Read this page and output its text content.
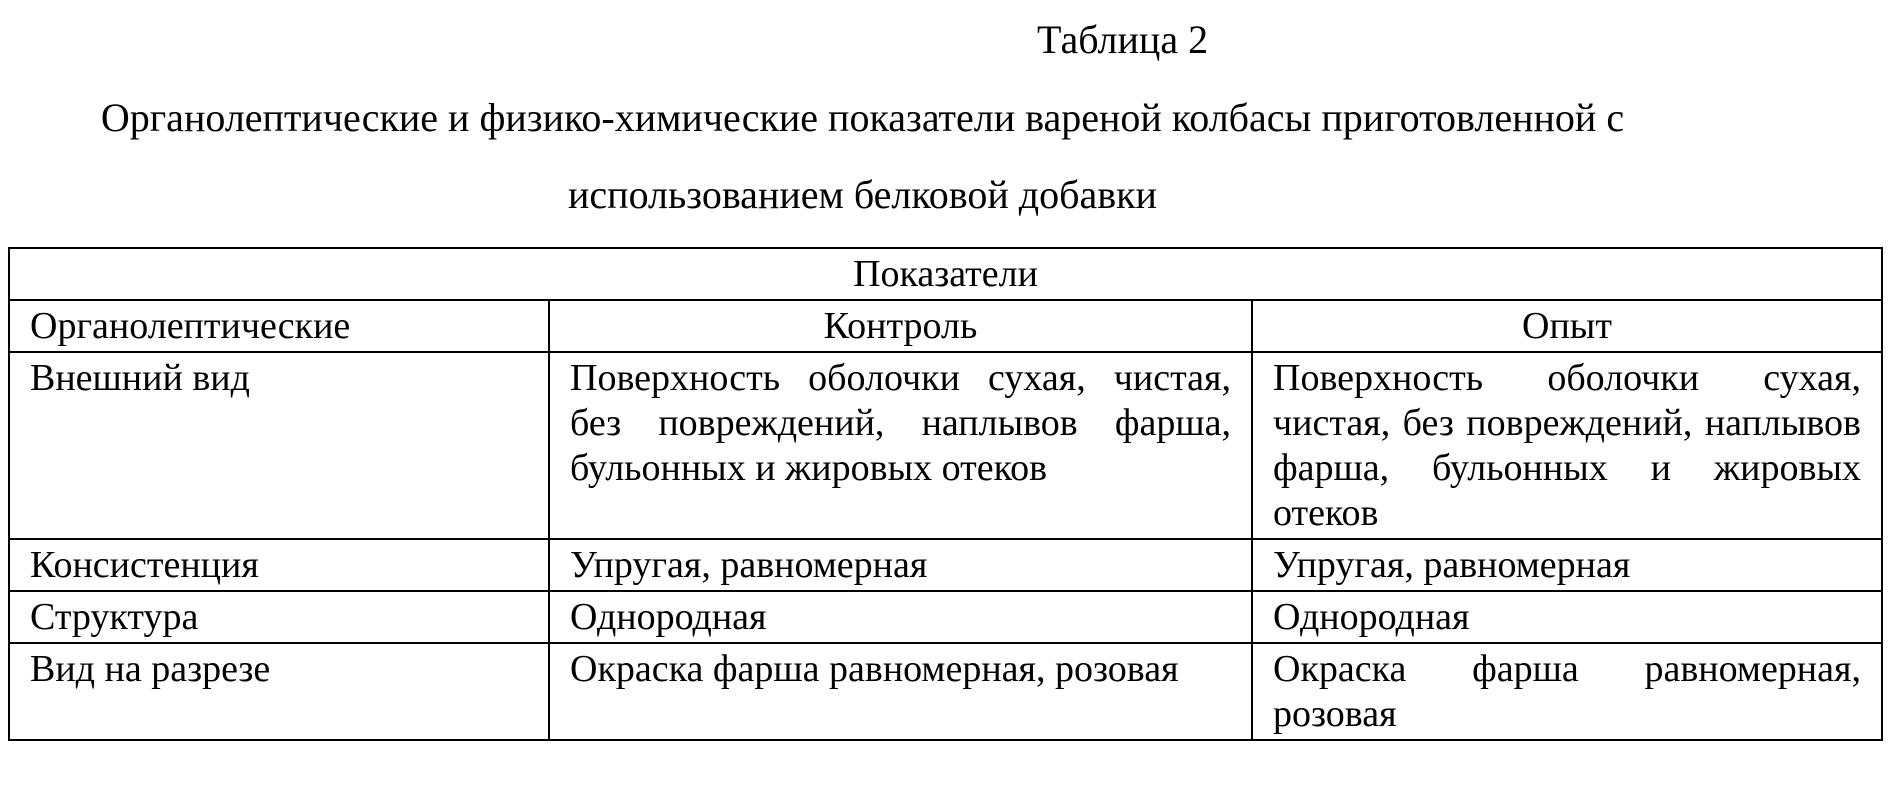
Таблица 2
Органолептические и физико-химические показатели вареной колбасы приготовленной с
использованием белковой добавки
Показатели		
Органолептические	Контроль	Опыт
Внешний вид	Поверхность оболочки сухая, чистая, без повреждений, наплывов фарша, бульонных и жировых отеков	Поверхность оболочки сухая, чистая, без повреждений, наплывов фарша, бульонных и жировых отеков
Консистенция	Упругая, равномерная	Упругая, равномерная
Структура	Однородная	Однородная
Вид на разрезе	Окраска фарша равномерная, розовая	Окраска фарша равномерная, розовая
